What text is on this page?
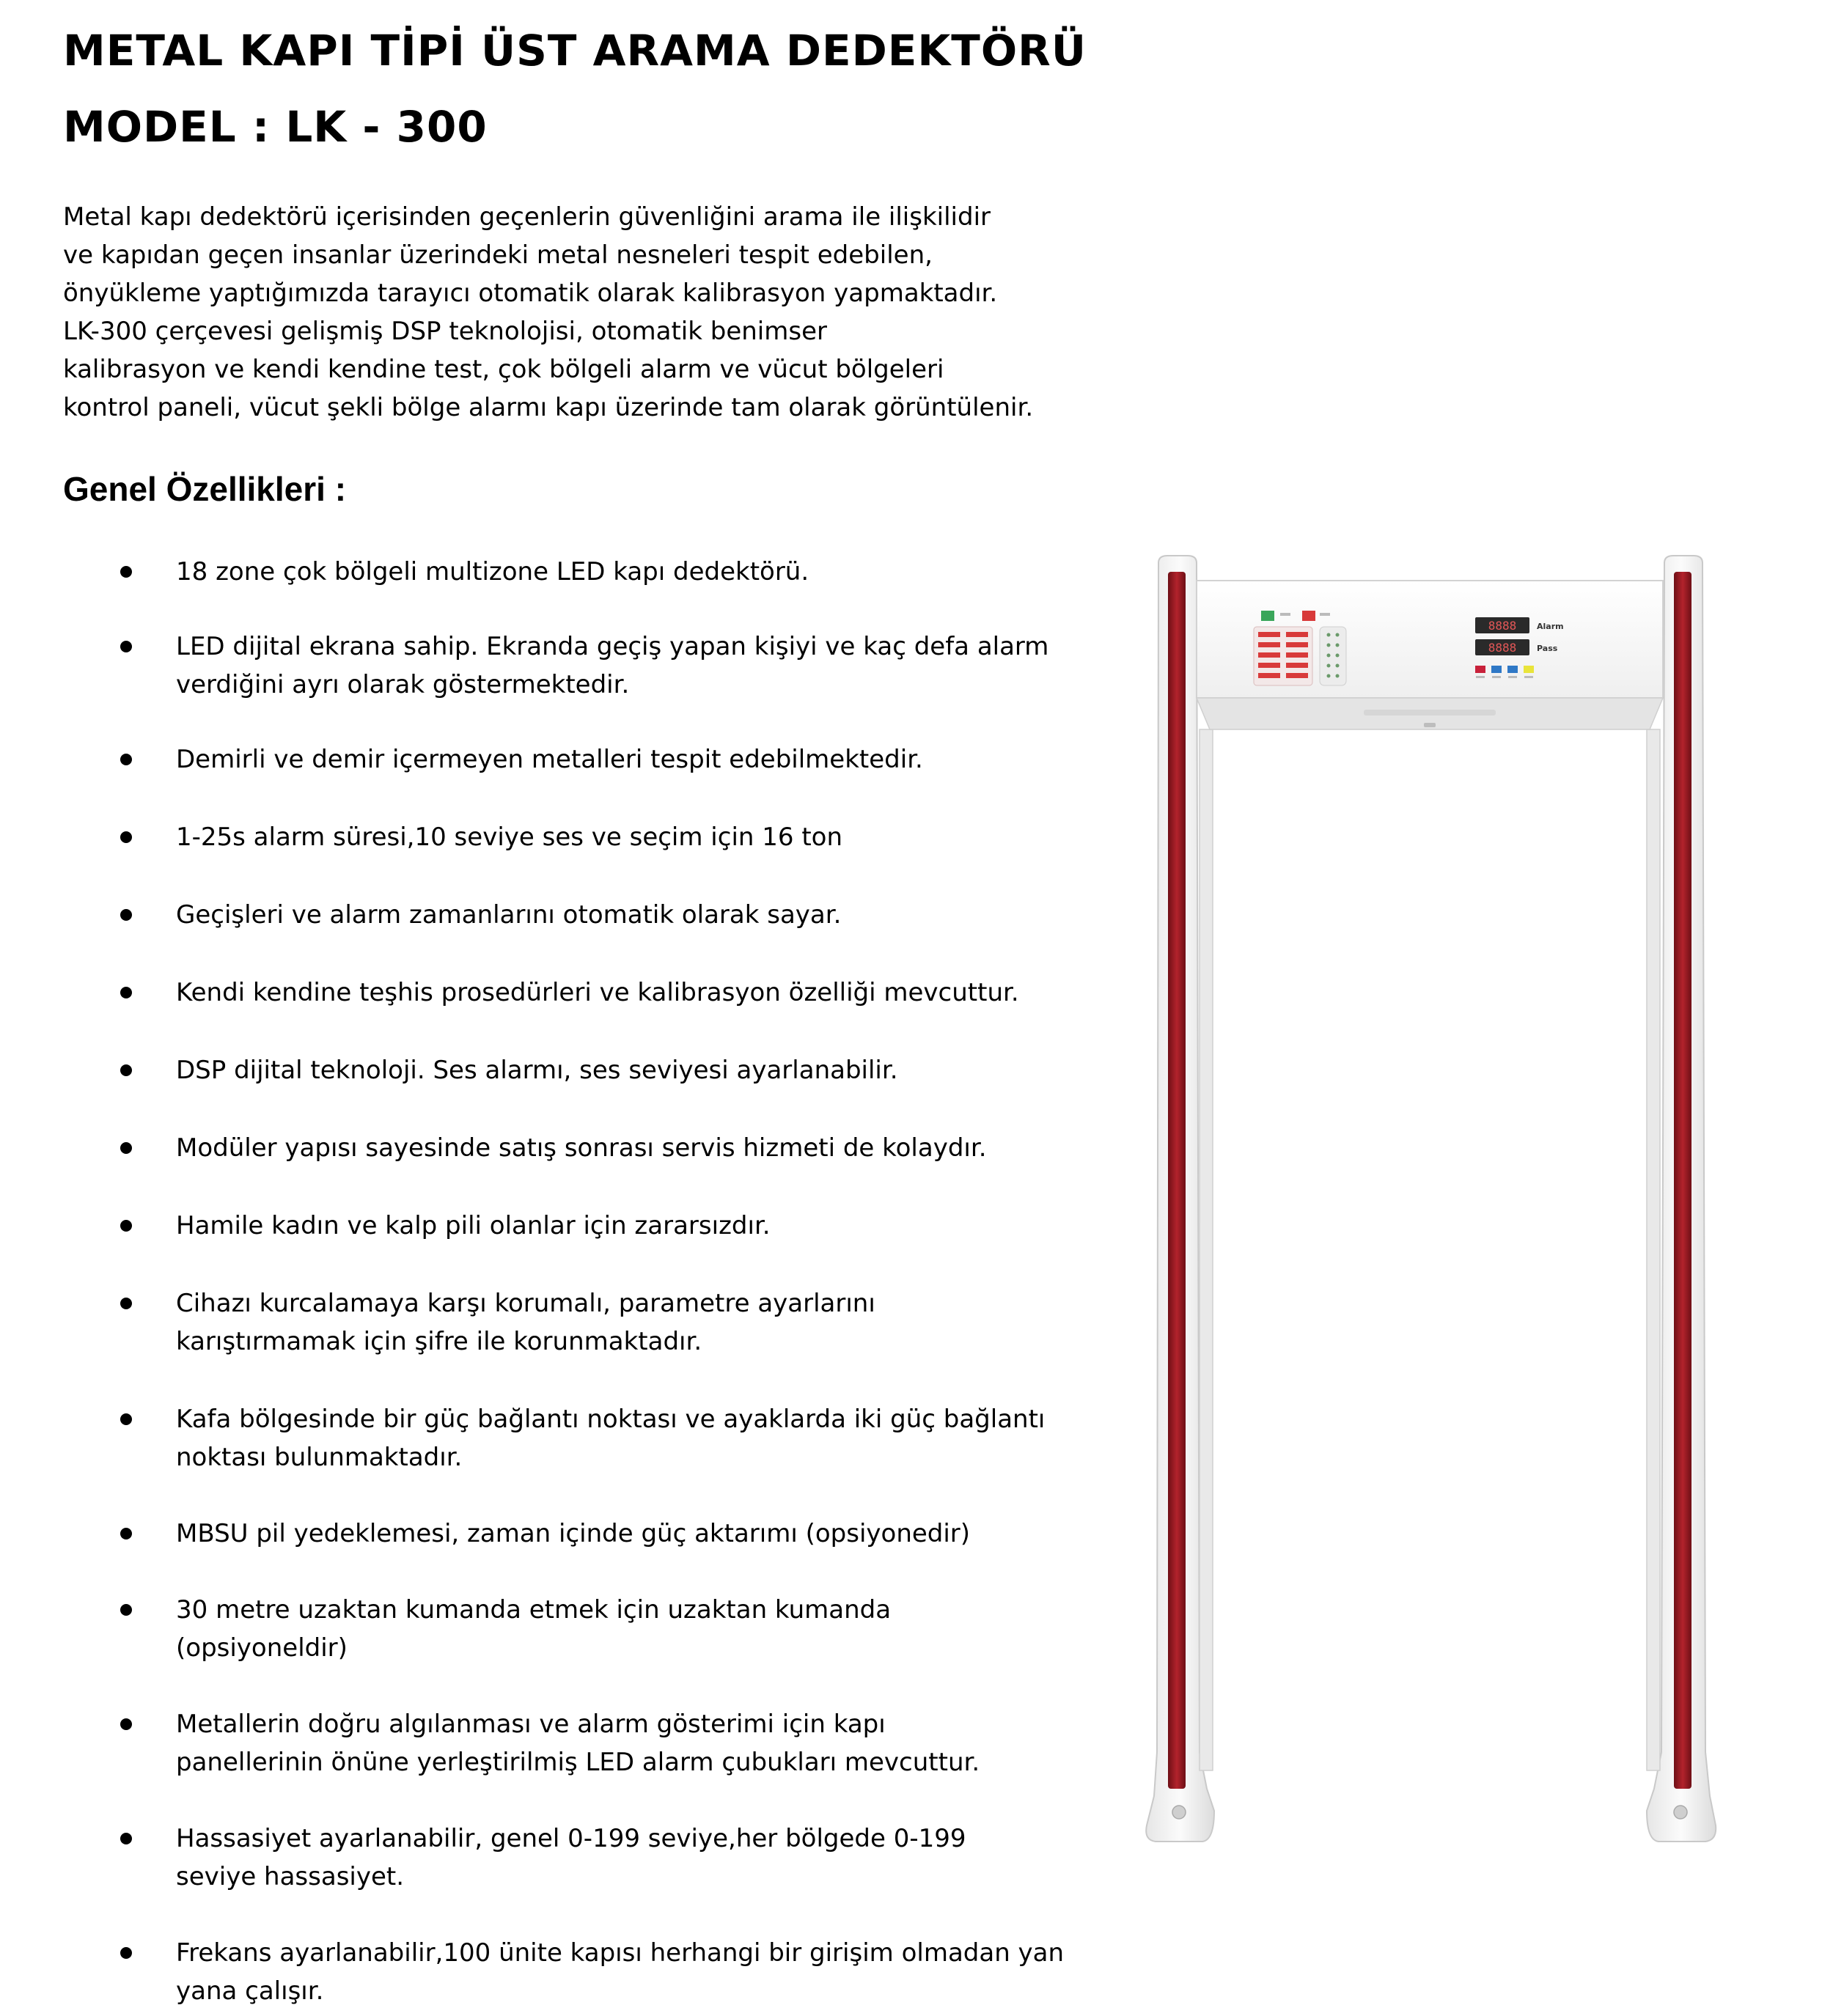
METAL KAPI TİPİ ÜST ARAMA DEDEKTÖRÜ
MODEL : LK - 300
Metal kapı dedektörü içerisinden geçenlerin güvenliğini arama ile ilişkilidir
ve kapıdan geçen insanlar üzerindeki metal nesneleri tespit edebilen,
önyükleme yaptığımızda tarayıcı otomatik olarak kalibrasyon yapmaktadır.
LK-300 çerçevesi gelişmiş DSP teknolojisi, otomatik benimser
kalibrasyon ve kendi kendine test, çok bölgeli alarm ve vücut bölgeleri
kontrol paneli, vücut şekli bölge alarmı kapı üzerinde tam olarak görüntülenir.
Genel Özellikleri :
18 zone çok bölgeli multizone LED kapı dedektörü.
LED dijital ekrana sahip. Ekranda geçiş yapan kişiyi ve kaç defa alarm
verdiğini ayrı olarak göstermektedir.
Demirli ve demir içermeyen metalleri tespit edebilmektedir.
1-25s alarm süresi,10 seviye ses ve seçim için 16 ton
Geçişleri ve alarm zamanlarını otomatik olarak sayar.
Kendi kendine teşhis prosedürleri ve kalibrasyon özelliği mevcuttur.
DSP dijital teknoloji. Ses alarmı, ses seviyesi ayarlanabilir.
Modüler yapısı sayesinde satış sonrası servis hizmeti de kolaydır.
Hamile kadın ve kalp pili olanlar için zararsızdır.
Cihazı kurcalamaya karşı korumalı, parametre ayarlarını
karıştırmamak için şifre ile korunmaktadır.
Kafa bölgesinde bir güç bağlantı noktası ve ayaklarda iki güç bağlantı
noktası bulunmaktadır.
MBSU pil yedeklemesi, zaman içinde güç aktarımı (opsiyonedir)
30 metre uzaktan kumanda etmek için uzaktan kumanda
(opsiyoneldir)
Metallerin doğru algılanması ve alarm gösterimi için kapı
panellerinin önüne yerleştirilmiş LED alarm çubukları mevcuttur.
Hassasiyet ayarlanabilir, genel 0-199 seviye,her bölgede 0-199
seviye hassasiyet.
Frekans ayarlanabilir,100 ünite kapısı herhangi bir girişim olmadan yan
yana çalışır.
8888	Alarm
8888	Pass
